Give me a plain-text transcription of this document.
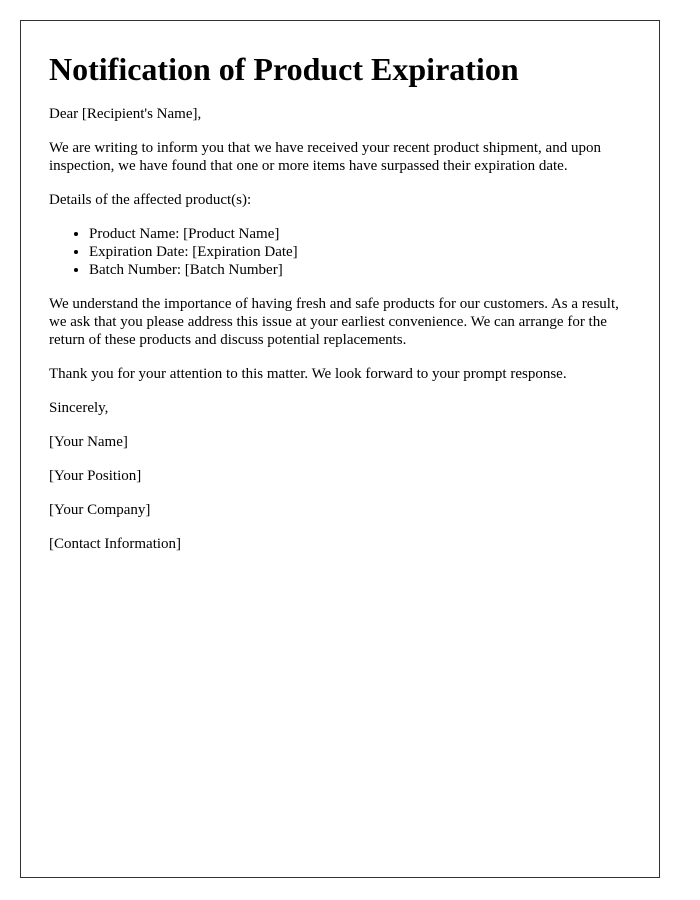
Notification of Product Expiration

Dear [Recipient's Name],

We are writing to inform you that we have received your recent product shipment, and upon inspection, we have found that one or more items have surpassed their expiration date.

Details of the affected product(s):

• Product Name: [Product Name]
• Expiration Date: [Expiration Date]
• Batch Number: [Batch Number]

We understand the importance of having fresh and safe products for our customers. As a result, we ask that you please address this issue at your earliest convenience. We can arrange for the return of these products and discuss potential replacements.

Thank you for your attention to this matter. We look forward to your prompt response.

Sincerely,

[Your Name]

[Your Position]

[Your Company]

[Contact Information]
